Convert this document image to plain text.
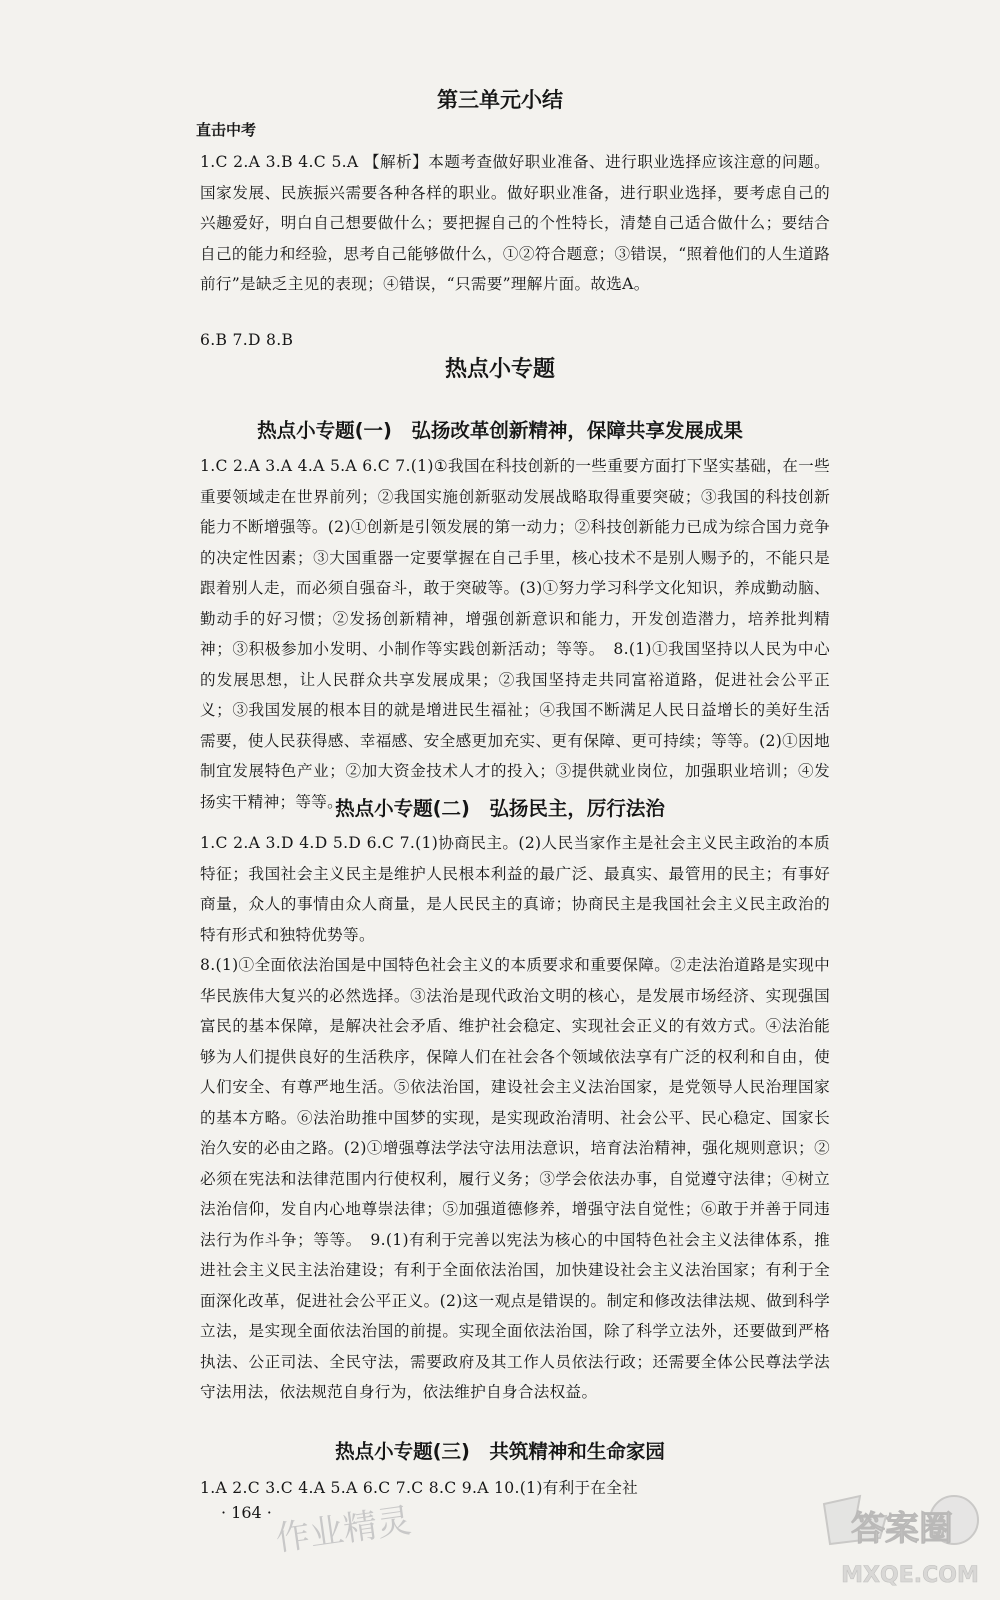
第三单元小结
直击中考

1.C 2.A 3.B 4.C 5.A 【解析】本题考查做好职业准备、进行职业选择应该注意的问题。国家发展、民族振兴需要各种各样的职业。做好职业准备，进行职业选择，要考虑自己的兴趣爱好，明白自己想要做什么；要把握自己的个性特长，清楚自己适合做什么；要结合自己的能力和经验，思考自己能够做什么，①②符合题意；③错误，“照着他们的人生道路前行”是缺乏主见的表现；④错误，“只需要”理解片面。故选A。

6.B 7.D 8.B

热点小专题
热点小专题(一)　弘扬改革创新精神，保障共享发展成果

1.C 2.A 3.A 4.A 5.A 6.C 7.(1)①我国在科技创新的一些重要方面打下坚实基础，在一些重要领域走在世界前列；②我国实施创新驱动发展战略取得重要突破；③我国的科技创新能力不断增强等。(2)①创新是引领发展的第一动力；②科技创新能力已成为综合国力竞争的决定性因素；③大国重器一定要掌握在自己手里，核心技术不是别人赐予的，不能只是跟着别人走，而必须自强奋斗，敢于突破等。(3)①努力学习科学文化知识，养成勤动脑、勤动手的好习惯；②发扬创新精神，增强创新意识和能力，开发创造潜力，培养批判精神；③积极参加小发明、小制作等实践创新活动；等等。　8.(1)①我国坚持以人民为中心的发展思想，让人民群众共享发展成果；②我国坚持走共同富裕道路，促进社会公平正义；③我国发展的根本目的就是增进民生福祉；④我国不断满足人民日益增长的美好生活需要，使人民获得感、幸福感、安全感更加充实、更有保障、更可持续；等等。(2)①因地制宜发展特色产业；②加大资金技术人才的投入；③提供就业岗位，加强职业培训；④发扬实干精神；等等。

热点小专题(二)　弘扬民主，厉行法治

1.C 2.A 3.D 4.D 5.D 6.C 7.(1)协商民主。(2)人民当家作主是社会主义民主政治的本质特征；我国社会主义民主是维护人民根本利益的最广泛、最真实、最管用的民主；有事好商量，众人的事情由众人商量，是人民民主的真谛；协商民主是我国社会主义民主政治的特有形式和独特优势等。

8.(1)①全面依法治国是中国特色社会主义的本质要求和重要保障。②走法治道路是实现中华民族伟大复兴的必然选择。③法治是现代政治文明的核心，是发展市场经济、实现强国富民的基本保障，是解决社会矛盾、维护社会稳定、实现社会正义的有效方式。④法治能够为人们提供良好的生活秩序，保障人们在社会各个领域依法享有广泛的权利和自由，使人们安全、有尊严地生活。⑤依法治国，建设社会主义法治国家，是党领导人民治理国家的基本方略。⑥法治助推中国梦的实现，是实现政治清明、社会公平、民心稳定、国家长治久安的必由之路。(2)①增强尊法学法守法用法意识，培育法治精神，强化规则意识；②必须在宪法和法律范围内行使权利，履行义务；③学会依法办事，自觉遵守法律；④树立法治信仰，发自内心地尊崇法律；⑤加强道德修养，增强守法自觉性；⑥敢于并善于同违法行为作斗争；等等。　9.(1)有利于完善以宪法为核心的中国特色社会主义法律体系，推进社会主义民主法治建设；有利于全面依法治国，加快建设社会主义法治国家；有利于全面深化改革，促进社会公平正义。(2)这一观点是错误的。制定和修改法律法规、做到科学立法，是实现全面依法治国的前提。实现全面依法治国，除了科学立法外，还要做到严格执法、公正司法、全民守法，需要政府及其工作人员依法行政；还需要全体公民尊法学法守法用法，依法规范自身行为，依法维护自身合法权益。

热点小专题(三)　共筑精神和生命家园

1.A 2.C 3.C 4.A 5.A 6.C 7.C 8.C 9.A 10.(1)有利于在全社

· 164 · 作业精灵	答案圈
MXQE.COM
